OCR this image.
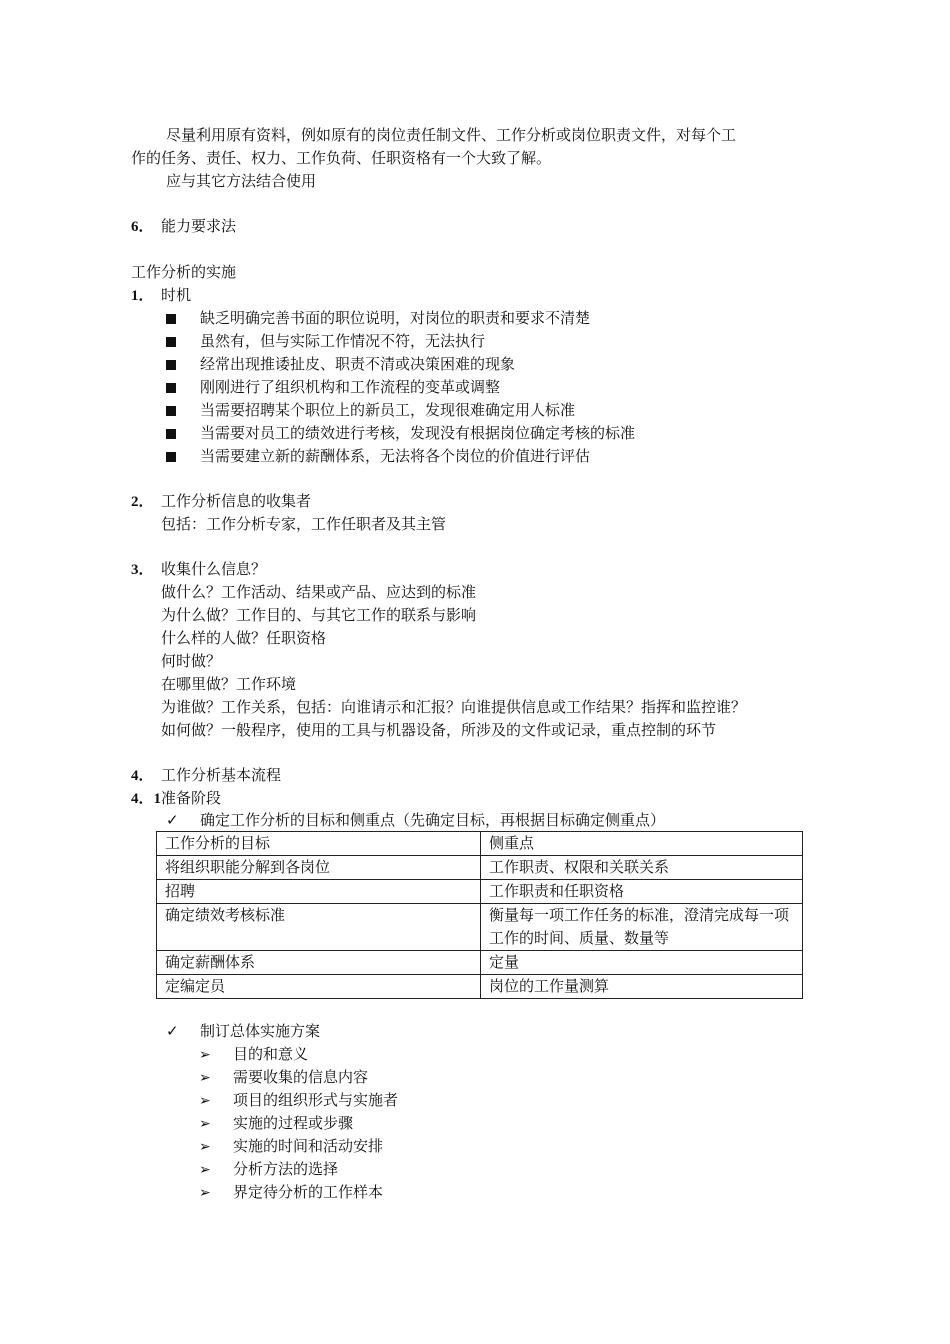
尽量利用原有资料，例如原有的岗位责任制文件、工作分析或岗位职责文件，对每个工
作的任务、责任、权力、工作负荷、任职资格有一个大致了解。
应与其它方法结合使用
6． 能力要求法
工作分析的实施
1． 时机
缺乏明确完善书面的职位说明，对岗位的职责和要求不清楚
虽然有，但与实际工作情况不符，无法执行
经常出现推诿扯皮、职责不清或决策困难的现象
刚刚进行了组织机构和工作流程的变革或调整
当需要招聘某个职位上的新员工，发现很难确定用人标准
当需要对员工的绩效进行考核，发现没有根据岗位确定考核的标准
当需要建立新的薪酬体系，无法将各个岗位的价值进行评估
2． 工作分析信息的收集者
包括：工作分析专家，工作任职者及其主管
3． 收集什么信息？
做什么？工作活动、结果或产品、应达到的标准
为什么做？工作目的、与其它工作的联系与影响
什么样的人做？任职资格
何时做？
在哪里做？工作环境
为谁做？工作关系，包括：向谁请示和汇报？向谁提供信息或工作结果？指挥和监控谁？
如何做？一般程序，使用的工具与机器设备，所涉及的文件或记录，重点控制的环节
4． 工作分析基本流程
4．1准备阶段
✓ 确定工作分析的目标和侧重点（先确定目标，再根据目标确定侧重点）
工作分析的目标	侧重点
将组织职能分解到各岗位	工作职责、权限和关联关系
招聘	工作职责和任职资格
确定绩效考核标准	衡量每一项工作任务的标准，澄清完成每一项工作的时间、质量、数量等
确定薪酬体系	定量
定编定员	岗位的工作量测算
✓ 制订总体实施方案
➢ 目的和意义
➢ 需要收集的信息内容
➢ 项目的组织形式与实施者
➢ 实施的过程或步骤
➢ 实施的时间和活动安排
➢ 分析方法的选择
➢ 界定待分析的工作样本
